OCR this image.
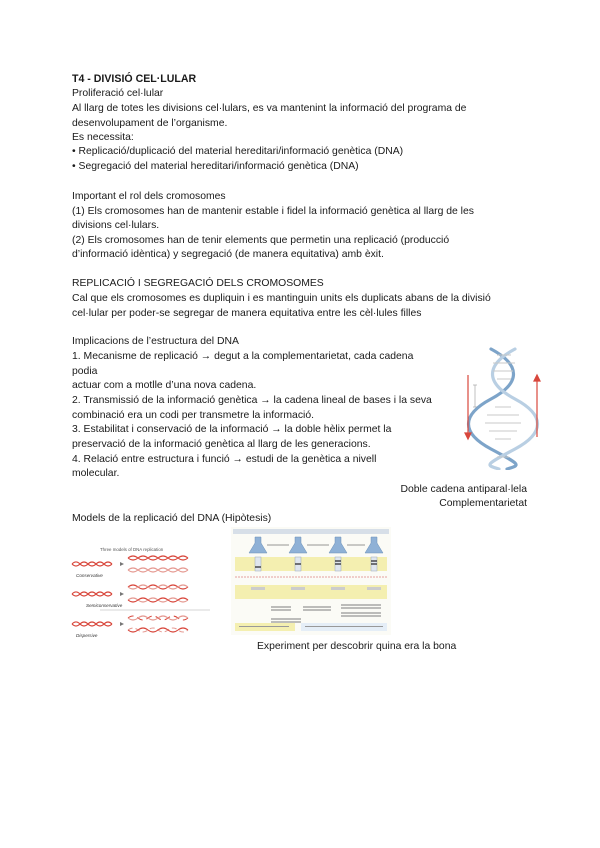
T4 - DIVISIÓ CEL·LULAR
Proliferació cel·lular
Al llarg de totes les divisions cel·lulars, es va mantenint la informació del programa de
desenvolupament de l’organisme.
Es necessita:
• Replicació/duplicació del material hereditari/informació genètica (DNA)
• Segregació del material hereditari/informació genètica (DNA)
Important el rol dels cromosomes
(1) Els cromosomes han de mantenir estable i fidel la informació genètica al llarg de les
divisions cel·lulars.
(2) Els cromosomes han de tenir elements que permetin una replicació (producció
d’informació idèntica) y segregació (de manera equitativa) amb èxit.
REPLICACIÓ I SEGREGACIÓ DELS CROMOSOMES
Cal que els cromosomes es dupliquin i es mantinguin units els duplicats abans de la divisió
cel·lular per poder-se segregar de manera equitativa entre les cèl·lules filles
Implicacions de l’estructura del DNA
1. Mecanisme de replicació → degut a la complementarietat, cada cadena
podia
actuar com a motlle d’una nova cadena.
2. Transmissió de la informació genètica → la cadena lineal de bases i la seva
combinació era un codi per transmetre la informació.
3. Estabilitat i conservació de la informació → la doble hèlix permet la
preservació de la informació genètica al llarg de les generacions.
4. Relació entre estructura i funció → estudi de la genètica a nivell
molecular.
Doble cadena antiparal·lela
Complementarietat
Models de la replicació del DNA (Hipòtesis)
Three models of DNA replication
Conservative
Semiconservative
Dispersive
Experiment per descobrir quina era la bona
